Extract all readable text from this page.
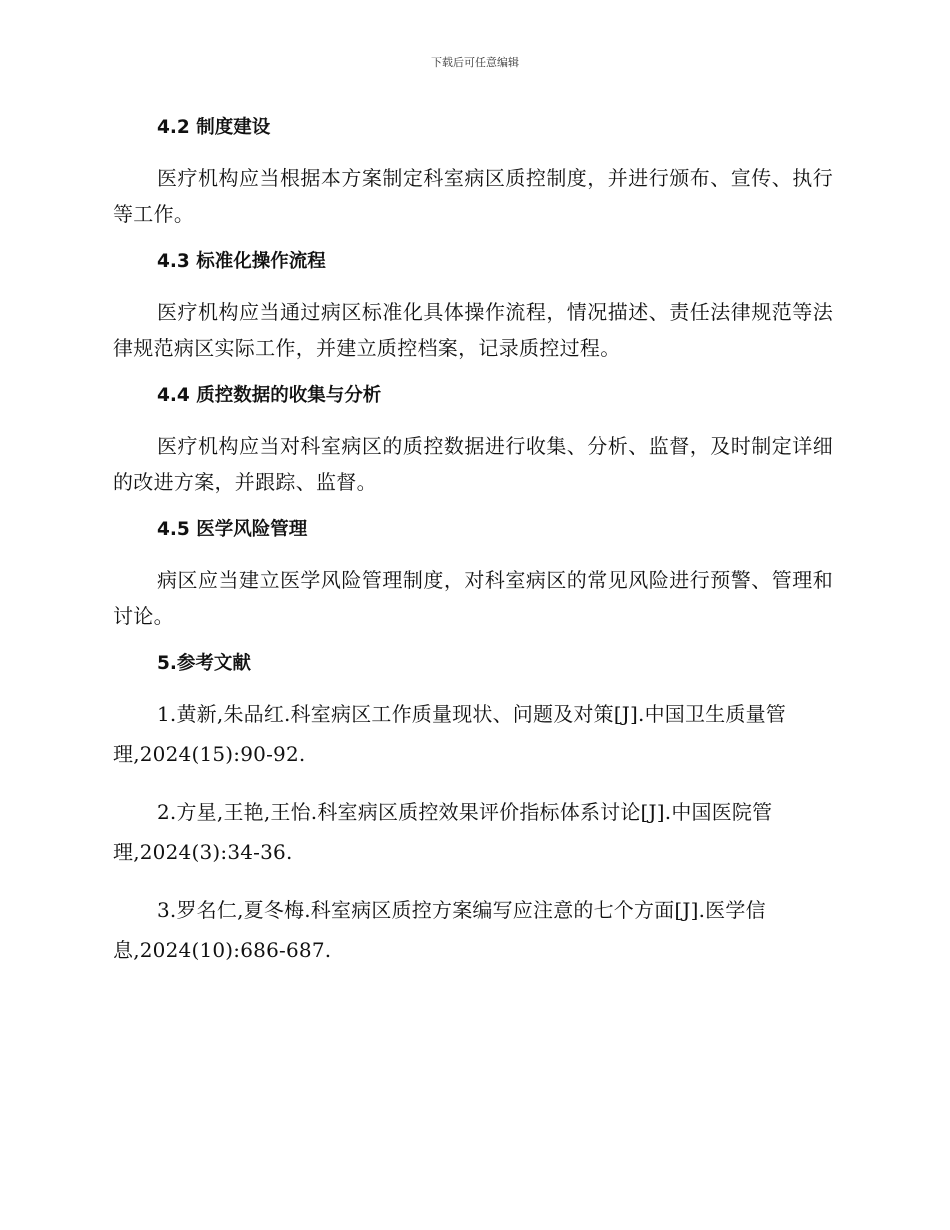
下载后可任意编辑

4.2 制度建设

医疗机构应当根据本方案制定科室病区质控制度，并进行颁布、宣传、执行等工作。

4.3 标准化操作流程

医疗机构应当通过病区标准化具体操作流程，情况描述、责任法律规范等法律规范病区实际工作，并建立质控档案，记录质控过程。

4.4 质控数据的收集与分析

医疗机构应当对科室病区的质控数据进行收集、分析、监督，及时制定详细的改进方案，并跟踪、监督。

4.5 医学风险管理

病区应当建立医学风险管理制度，对科室病区的常见风险进行预警、管理和讨论。

5.参考文献

1.黄新,朱品红.科室病区工作质量现状、问题及对策[J].中国卫生质量管理,2024(15):90-92.

2.方星,王艳,王怡.科室病区质控效果评价指标体系讨论[J].中国医院管理,2024(3):34-36.

3.罗名仁,夏冬梅.科室病区质控方案编写应注意的七个方面[J].医学信息,2024(10):686-687.
